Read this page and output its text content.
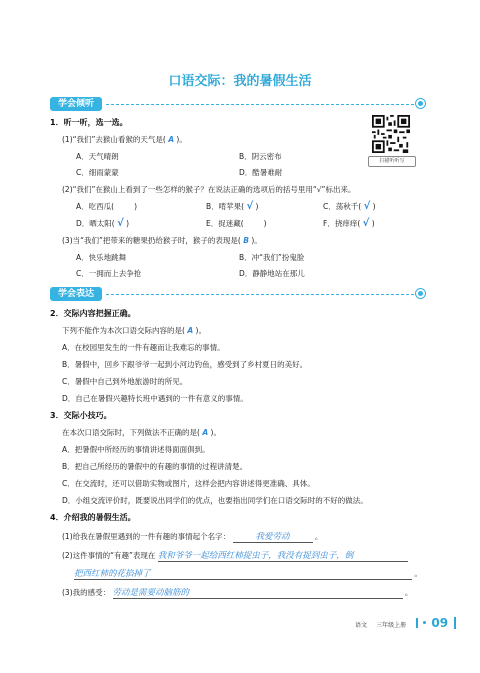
口语交际：我的暑假生活
学会倾听
扫描听听写
1．听一听，选一选。
(1)“我们”去猴山看猴的天气是( A )。
A．天气晴朗	B．阴云密布
C．细雨蒙蒙	D．酷暑难耐
(2)“我们”在猴山上看到了一些怎样的猴子？在说法正确的选项后的括号里用“√”标出来。
A．吃西瓜(	)	B．啃苹果( √ )	C．荡秋千( √ )
D．晒太阳( √ )	E．捉迷藏(	)	F．挠痒痒( √ )
(3)当“我们”把带来的糖果扔给猴子时，猴子的表现是( B )。
A．快乐地跳舞	B．冲“我们”扮鬼脸
C．一拥而上去争抢	D．静静地站在那儿
学会表达
2．交际内容把握正确。
下列不能作为本次口语交际内容的是( A )。
A．在校园里发生的一件有趣而让我难忘的事情。
B．暑假中，回乡下跟爷爷一起到小河边钓鱼，感受到了乡村夏日的美好。
C．暑假中自己到外地旅游时的所见。
D．自己在暑假兴趣特长班中遇到的一件有意义的事情。
3．交际小技巧。
在本次口语交际时，下列做法不正确的是( A )。
A．把暑假中所经历的事情讲述得面面俱到。
B．把自己所经历的暑假中的有趣的事情的过程讲清楚。
C．在交流时，还可以借助实物或图片，这样会把内容讲述得更准确、具体。
D．小组交流评价时，既要说出同学们的优点，也要指出同学们在口语交际时的不好的做法。
4．介绍我的暑假生活。
(1)给我在暑假里遇到的一件有趣的事情起个名字：	我爱劳动	。
(2)这件事情的“有趣”表现在 我和爷爷一起给西红柿捉虫子，我没有捉到虫子，倒
把西红柿的花掐掉了	。
(3)我的感受： 劳动是需要动脑筋的	。
语文 三年级上册 09
